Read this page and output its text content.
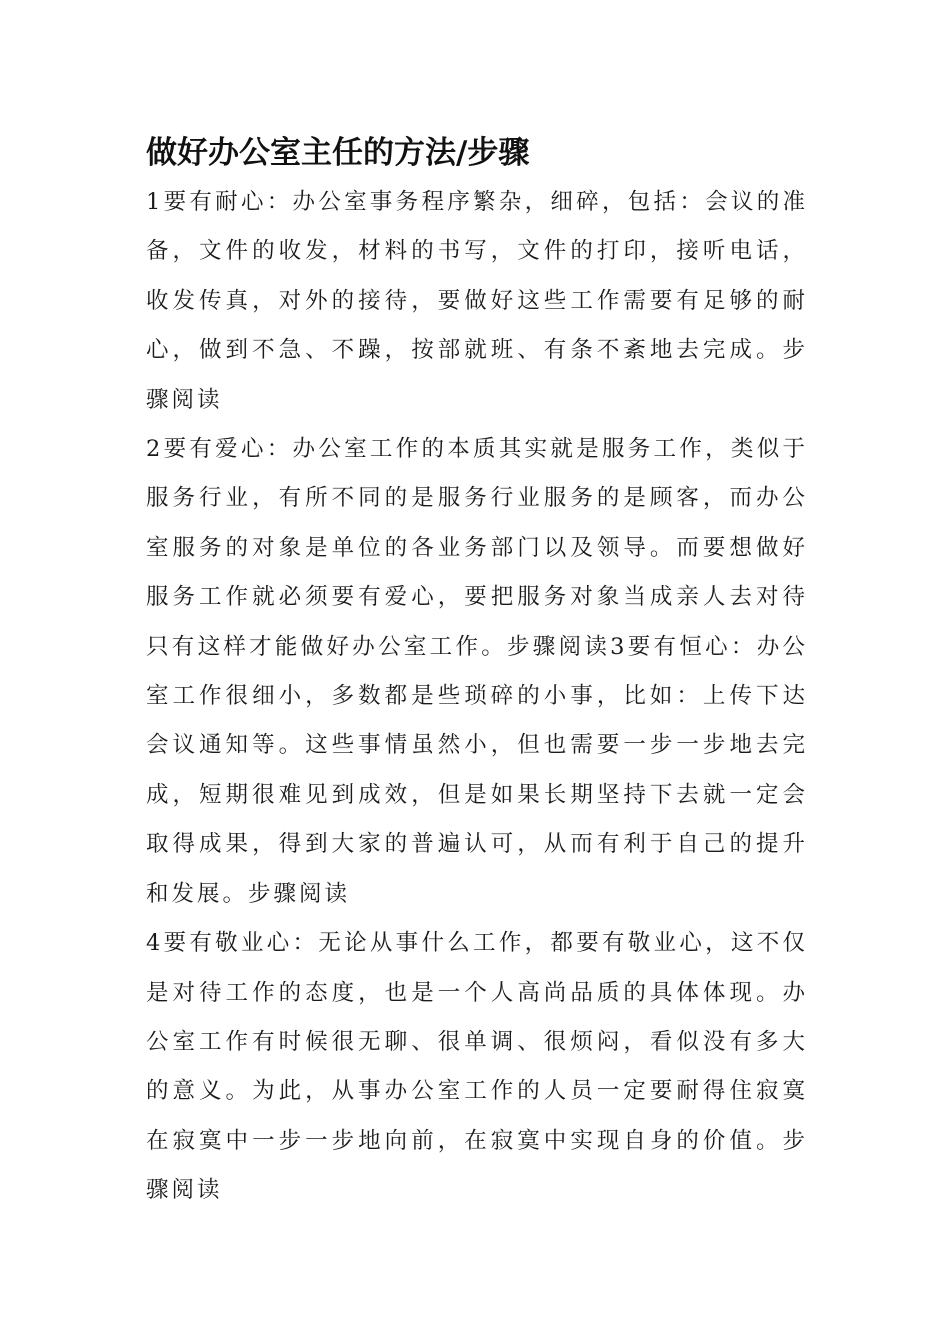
做好办公室主任的方法/步骤

1要有耐心：办公室事务程序繁杂，细碎，包括：会议的准备，文件的收发，材料的书写，文件的打印，接听电话，收发传真，对外的接待，要做好这些工作需要有足够的耐心，做到不急、不躁，按部就班、有条不紊地去完成。步骤阅读

2要有爱心：办公室工作的本质其实就是服务工作，类似于服务行业，有所不同的是服务行业服务的是顾客，而办公室服务的对象是单位的各业务部门以及领导。而要想做好服务工作就必须要有爱心，要把服务对象当成亲人去对待只有这样才能做好办公室工作。步骤阅读3要有恒心：办公室工作很细小，多数都是些琐碎的小事，比如：上传下达会议通知等。这些事情虽然小，但也需要一步一步地去完成，短期很难见到成效，但是如果长期坚持下去就一定会取得成果，得到大家的普遍认可，从而有利于自己的提升和发展。步骤阅读

4要有敬业心：无论从事什么工作，都要有敬业心，这不仅是对待工作的态度，也是一个人高尚品质的具体体现。办公室工作有时候很无聊、很单调、很烦闷，看似没有多大的意义。为此，从事办公室工作的人员一定要耐得住寂寞在寂寞中一步一步地向前，在寂寞中实现自身的价值。步骤阅读
